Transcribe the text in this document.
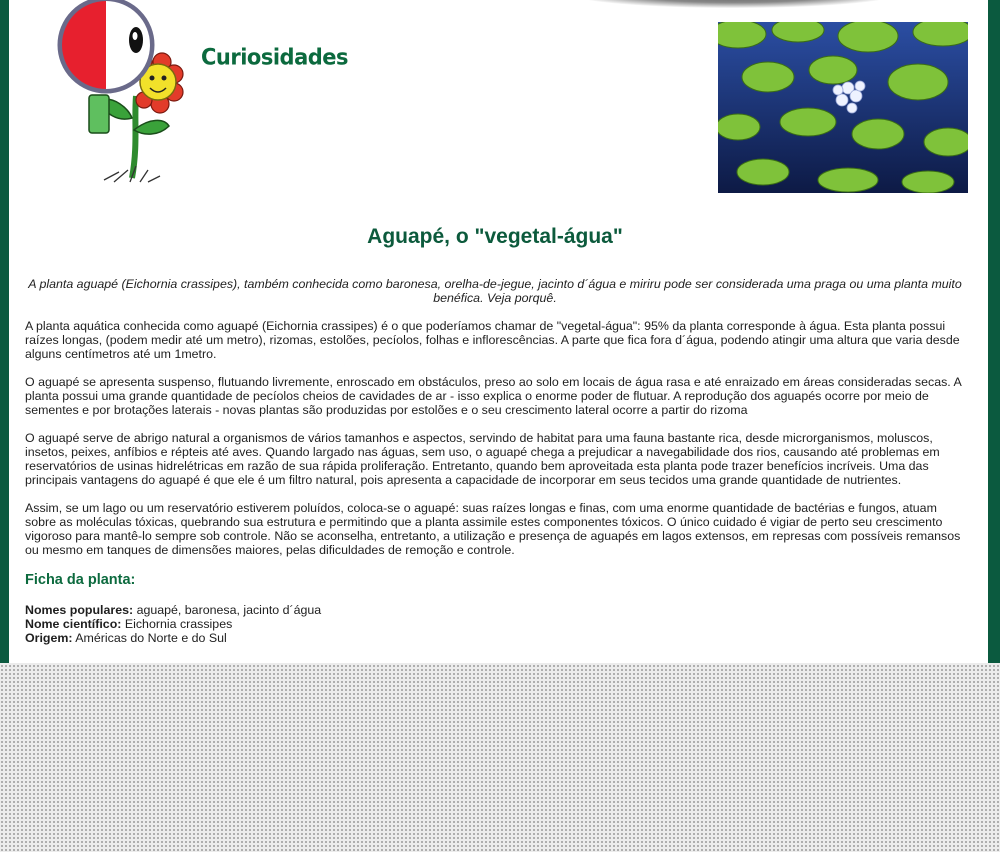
Curiosidades
Aguapé, o "vegetal-água"

A planta aguapé (Eichornia crassipes), também conhecida como baronesa, orelha-de-jegue, jacinto d´água e miriru pode ser considerada uma praga ou uma planta muito benéfica. Veja porquê.

A planta aquática conhecida como aguapé (Eichornia crassipes) é o que poderíamos chamar de "vegetal-água": 95% da planta corresponde à água. Esta planta possui raízes longas, (podem medir até um metro), rizomas, estolões, pecíolos, folhas e inflorescências. A parte que fica fora d´água, podendo atingir uma altura que varia desde alguns centímetros até um 1metro.

O aguapé se apresenta suspenso, flutuando livremente, enroscado em obstáculos, preso ao solo em locais de água rasa e até enraizado em áreas consideradas secas. A planta possui uma grande quantidade de pecíolos cheios de cavidades de ar - isso explica o enorme poder de flutuar. A reprodução dos aguapés ocorre por meio de sementes e por brotações laterais - novas plantas são produzidas por estolões e o seu crescimento lateral ocorre a partir do rizoma

O aguapé serve de abrigo natural a organismos de vários tamanhos e aspectos, servindo de habitat para uma fauna bastante rica, desde microrganismos, moluscos, insetos, peixes, anfíbios e répteis até aves. Quando largado nas águas, sem uso, o aguapé chega a prejudicar a navegabilidade dos rios, causando até problemas em reservatórios de usinas hidrelétricas em razão de sua rápida proliferação. Entretanto, quando bem aproveitada esta planta pode trazer benefícios incríveis. Uma das principais vantagens do aguapé é que ele é um filtro natural, pois apresenta a capacidade de incorporar em seus tecidos uma grande quantidade de nutrientes.

Assim, se um lago ou um reservatório estiverem poluídos, coloca-se o aguapé: suas raízes longas e finas, com uma enorme quantidade de bactérias e fungos, atuam sobre as moléculas tóxicas, quebrando sua estrutura e permitindo que a planta assimile estes componentes tóxicos. O único cuidado é vigiar de perto seu crescimento vigoroso para mantê-lo sempre sob controle. Não se aconselha, entretanto, a utilização e presença de aguapés em lagos extensos, em represas com possíveis remansos ou mesmo em tanques de dimensões maiores, pelas dificuldades de remoção e controle.

Ficha da planta:
Nomes populares: aguapé, baronesa, jacinto d´água
Nome científico: Eichornia crassipes
Origem: Américas do Norte e do Sul
